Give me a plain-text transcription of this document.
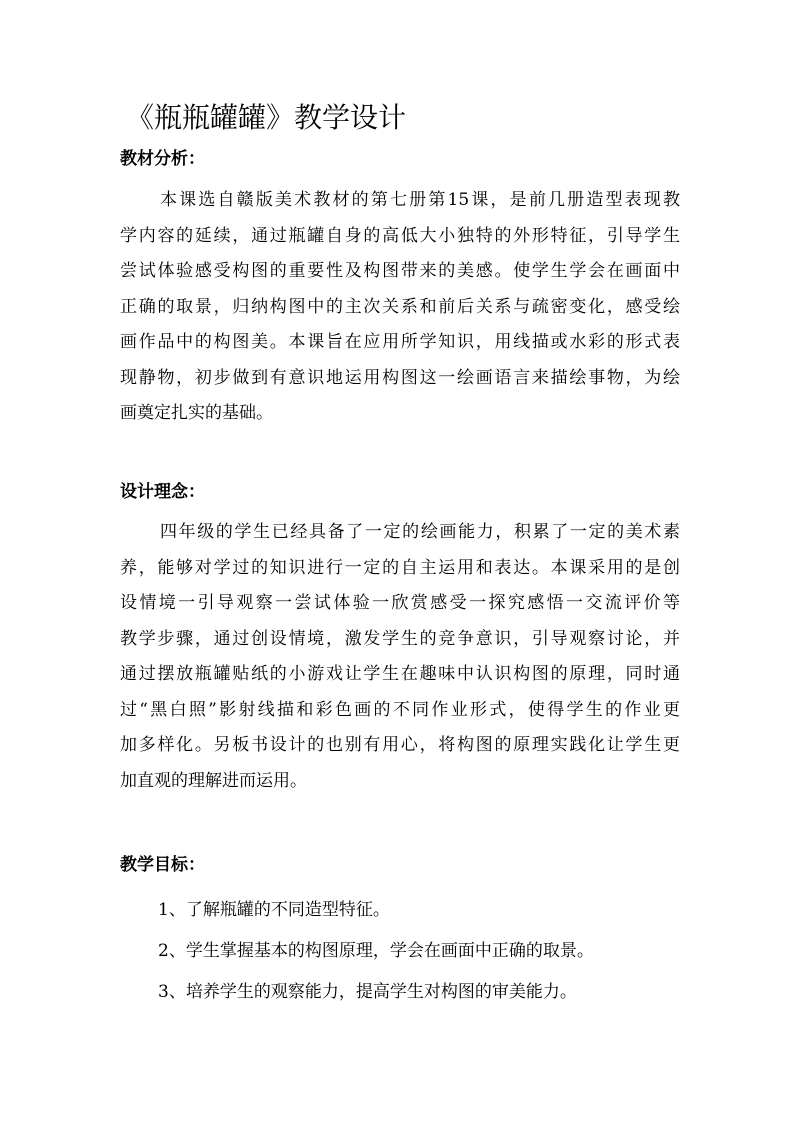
《瓶瓶罐罐》教学设计
教材分析：
本课选自赣版美术教材的第七册第15课，是前几册造型表现教
学内容的延续，通过瓶罐自身的高低大小独特的外形特征，引导学生
尝试体验感受构图的重要性及构图带来的美感。使学生学会在画面中
正确的取景，归纳构图中的主次关系和前后关系与疏密变化，感受绘
画作品中的构图美。本课旨在应用所学知识，用线描或水彩的形式表
现静物，初步做到有意识地运用构图这一绘画语言来描绘事物，为绘
画奠定扎实的基础。
设计理念：
四年级的学生已经具备了一定的绘画能力，积累了一定的美术素
养，能够对学过的知识进行一定的自主运用和表达。本课采用的是创
设情境一引导观察一尝试体验一欣赏感受一探究感悟一交流评价等
教学步骤，通过创设情境，激发学生的竞争意识，引导观察讨论，并
通过摆放瓶罐贴纸的小游戏让学生在趣味中认识构图的原理，同时通
过“黑白照”影射线描和彩色画的不同作业形式，使得学生的作业更
加多样化。另板书设计的也别有用心，将构图的原理实践化让学生更
加直观的理解进而运用。
教学目标：
1、了解瓶罐的不同造型特征。
2、学生掌握基本的构图原理，学会在画面中正确的取景。
3、培养学生的观察能力，提高学生对构图的审美能力。
